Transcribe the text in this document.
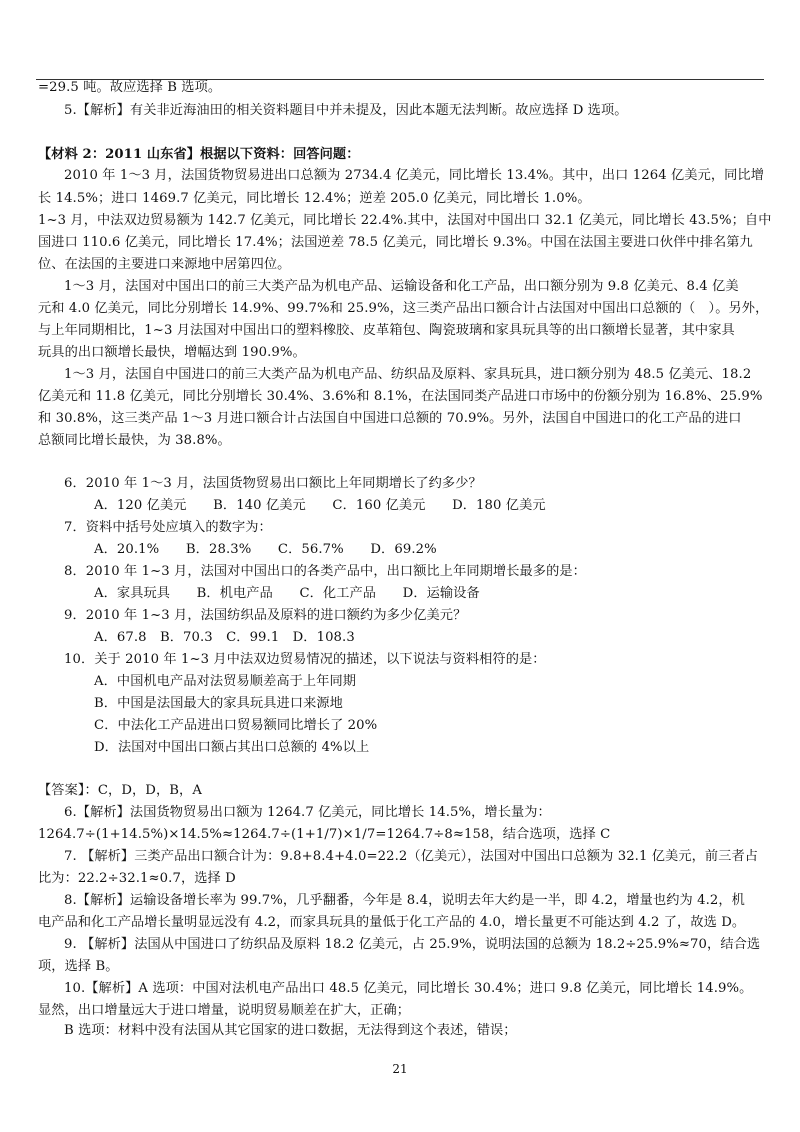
=29.5 吨。故应选择 B 选项。
5.【解析】有关非近海油田的相关资料题目中并未提及，因此本题无法判断。故应选择 D 选项。
【材料 2：2011 山东省】根据以下资料：回答问题：
2010 年 1～3 月，法国货物贸易进出口总额为 2734.4 亿美元，同比增长 13.4%。其中，出口 1264 亿美元，同比增
长 14.5%；进口 1469.7 亿美元，同比增长 12.4%；逆差 205.0 亿美元，同比增长 1.0%。
1~3 月，中法双边贸易额为 142.7 亿美元，同比增长 22.4%.其中，法国对中国出口 32.1 亿美元，同比增长 43.5%；自中
国进口 110.6 亿美元，同比增长 17.4%；法国逆差 78.5 亿美元，同比增长 9.3%。中国在法国主要进口伙伴中排名第九
位、在法国的主要进口来源地中居第四位。
1～3 月，法国对中国出口的前三大类产品为机电产品、运输设备和化工产品，出口额分别为 9.8 亿美元、8.4 亿美
元和 4.0 亿美元，同比分别增长 14.9%、99.7%和 25.9%，这三类产品出口额合计占法国对中国出口总额的（　）。另外，
与上年同期相比，1~3 月法国对中国出口的塑料橡胶、皮革箱包、陶瓷玻璃和家具玩具等的出口额增长显著，其中家具
玩具的出口额增长最快，增幅达到 190.9%。
1～3 月，法国自中国进口的前三大类产品为机电产品、纺织品及原料、家具玩具，进口额分别为 48.5 亿美元、18.2
亿美元和 11.8 亿美元，同比分别增长 30.4%、3.6%和 8.1%，在法国同类产品进口市场中的份额分别为 16.8%、25.9%
和 30.8%，这三类产品 1～3 月进口额合计占法国自中国进口总额的 70.9%。另外，法国自中国进口的化工产品的进口
总额同比增长最快，为 38.8%。
6．2010 年 1～3 月，法国货物贸易出口额比上年同期增长了约多少？
A．120 亿美元　　B．140 亿美元　　C．160 亿美元　　D．180 亿美元
7．资料中括号处应填入的数字为：
A．20.1%　　B．28.3%　　C．56.7%　　D．69.2%
8．2010 年 1~3 月，法国对中国出口的各类产品中，出口额比上年同期增长最多的是：
A．家具玩具　　B．机电产品　　C．化工产品　　D．运输设备
9．2010 年 1~3 月，法国纺织品及原料的进口额约为多少亿美元？
A．67.8　B．70.3　C．99.1　D．108.3
10．关于 2010 年 1~3 月中法双边贸易情况的描述，以下说法与资料相符的是：
A．中国机电产品对法贸易顺差高于上年同期
B．中国是法国最大的家具玩具进口来源地
C．中法化工产品进出口贸易额同比增长了 20%
D．法国对中国出口额占其出口总额的 4%以上
【答案】：C，D，D，B，A
6.【解析】法国货物贸易出口额为 1264.7 亿美元，同比增长 14.5%，增长量为：
1264.7÷(1+14.5%)×14.5%≈1264.7÷(1+1/7)×1/7=1264.7÷8≈158，结合选项，选择 C
7. 【解析】三类产品出口额合计为：9.8+8.4+4.0=22.2（亿美元），法国对中国出口总额为 32.1 亿美元，前三者占
比为：22.2÷32.1≈0.7，选择 D
8.【解析】运输设备增长率为 99.7%，几乎翻番，今年是 8.4，说明去年大约是一半，即 4.2，增量也约为 4.2，机
电产品和化工产品增长量明显远没有 4.2，而家具玩具的量低于化工产品的 4.0，增长量更不可能达到 4.2 了，故选 D。
9. 【解析】法国从中国进口了纺织品及原料 18.2 亿美元，占 25.9%，说明法国的总额为 18.2÷25.9%≈70，结合选
项，选择 B。
10.【解析】A 选项：中国对法机电产品出口 48.5 亿美元，同比增长 30.4%；进口 9.8 亿美元，同比增长 14.9%。
显然，出口增量远大于进口增量，说明贸易顺差在扩大，正确；
B 选项：材料中没有法国从其它国家的进口数据，无法得到这个表述，错误；
21
